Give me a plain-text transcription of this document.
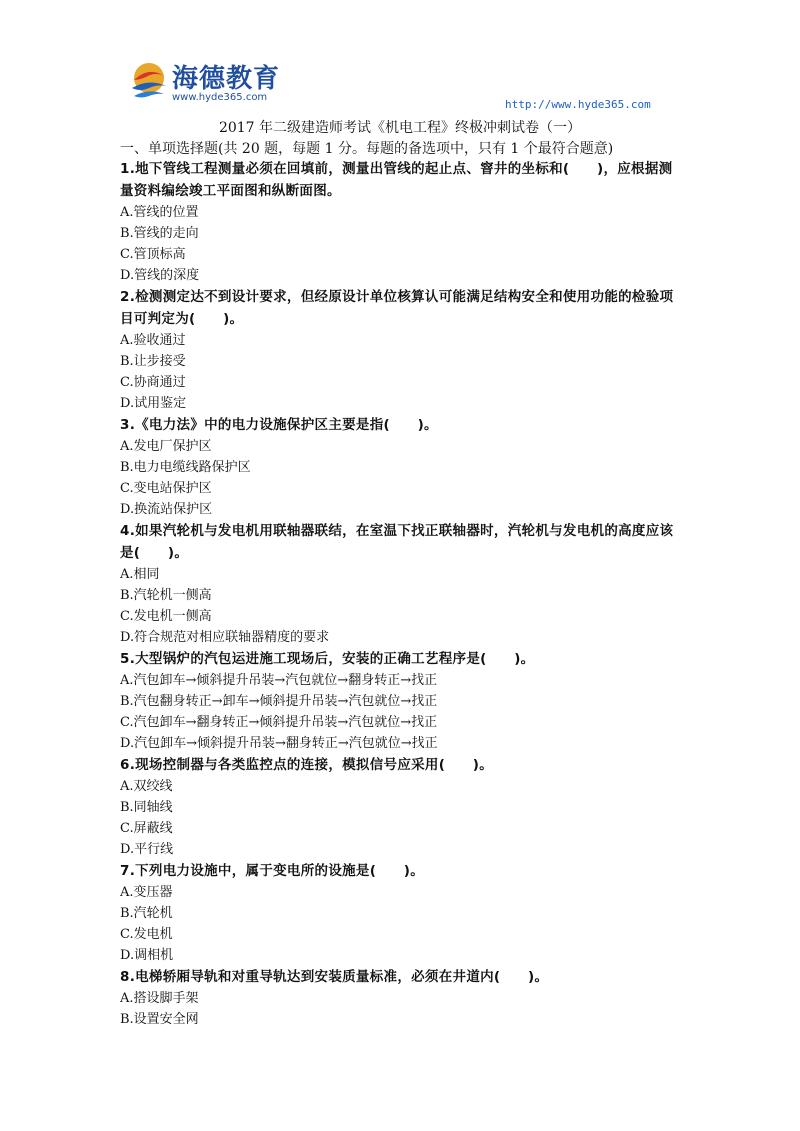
海德教育
www.hyde365.com
http://www.hyde365.com
2017 年二级建造师考试《机电工程》终极冲刺试卷（一）
一、单项选择题(共 20 题，每题 1 分。每题的备选项中，只有 1 个最符合题意)
1.地下管线工程测量必须在回填前，测量出管线的起止点、窨井的坐标和(　　)，应根据测量资料编绘竣工平面图和纵断面图。
A.管线的位置
B.管线的走向
C.管顶标高
D.管线的深度
2.检测测定达不到设计要求，但经原设计单位核算认可能满足结构安全和使用功能的检验项目可判定为(　　)。
A.验收通过
B.让步接受
C.协商通过
D.试用鉴定
3.《电力法》中的电力设施保护区主要是指(　　)。
A.发电厂保护区
B.电力电缆线路保护区
C.变电站保护区
D.换流站保护区
4.如果汽轮机与发电机用联轴器联结，在室温下找正联轴器时，汽轮机与发电机的高度应该是(　　)。
A.相同
B.汽轮机一侧高
C.发电机一侧高
D.符合规范对相应联轴器精度的要求
5.大型锅炉的汽包运进施工现场后，安装的正确工艺程序是(　　)。
A.汽包卸车→倾斜提升吊装→汽包就位→翻身转正→找正
B.汽包翻身转正→卸车→倾斜提升吊装→汽包就位→找正
C.汽包卸车→翻身转正→倾斜提升吊装→汽包就位→找正
D.汽包卸车→倾斜提升吊装→翻身转正→汽包就位→找正
6.现场控制器与各类监控点的连接，模拟信号应采用(　　)。
A.双绞线
B.同轴线
C.屏蔽线
D.平行线
7.下列电力设施中，属于变电所的设施是(　　)。
A.变压器
B.汽轮机
C.发电机
D.调相机
8.电梯轿厢导轨和对重导轨达到安装质量标准，必须在井道内(　　)。
A.搭设脚手架
B.设置安全网
